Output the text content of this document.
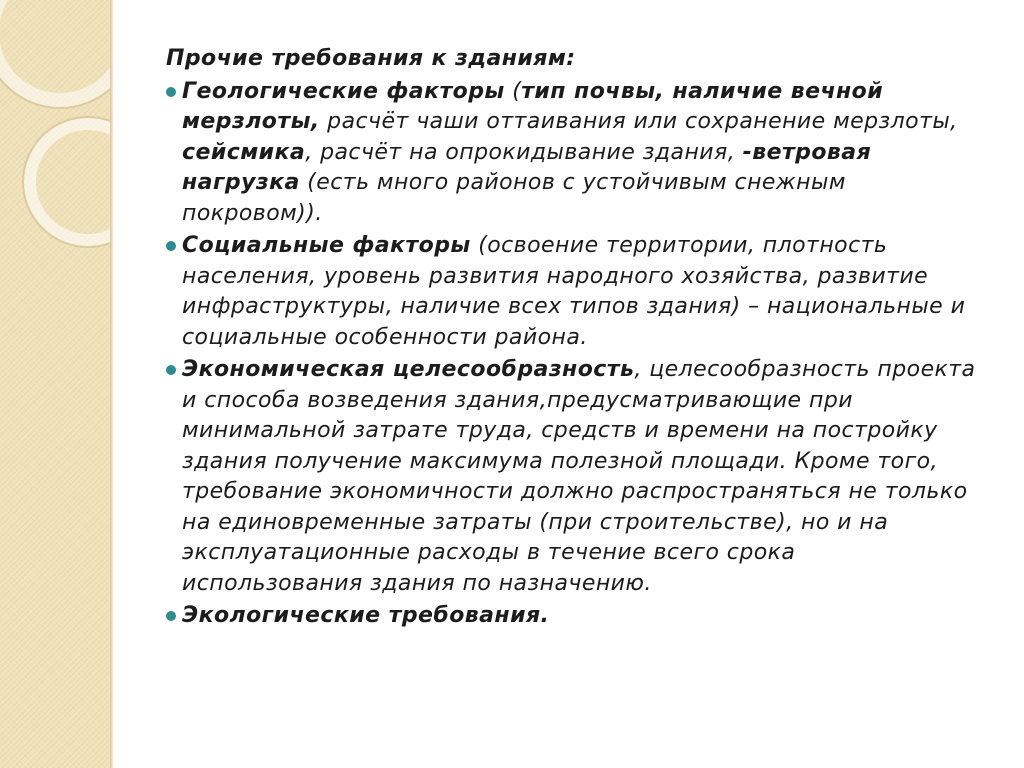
Прочие требования к зданиям:
Геологические факторы (тип почвы, наличие вечной мерзлоты, расчёт чаши оттаивания или сохранение мерзлоты, сейсмика, расчёт на опрокидывание здания, -ветровая нагрузка (есть много районов с устойчивым снежным покровом)).
Социальные факторы (освоение территории, плотность населения, уровень развития народного хозяйства, развитие инфраструктуры, наличие всех типов здания) – национальные и социальные особенности района.
Экономическая целесообразность, целесообразность проекта и способа возведения здания,предусматривающие при минимальной затрате труда, средств и времени на постройку здания получение максимума полезной площади. Кроме того, требование экономичности должно распространяться не только на единовременные затраты (при строительстве), но и на эксплуатационные расходы в течение всего срока использования здания по назначению.
Экологические требования.
